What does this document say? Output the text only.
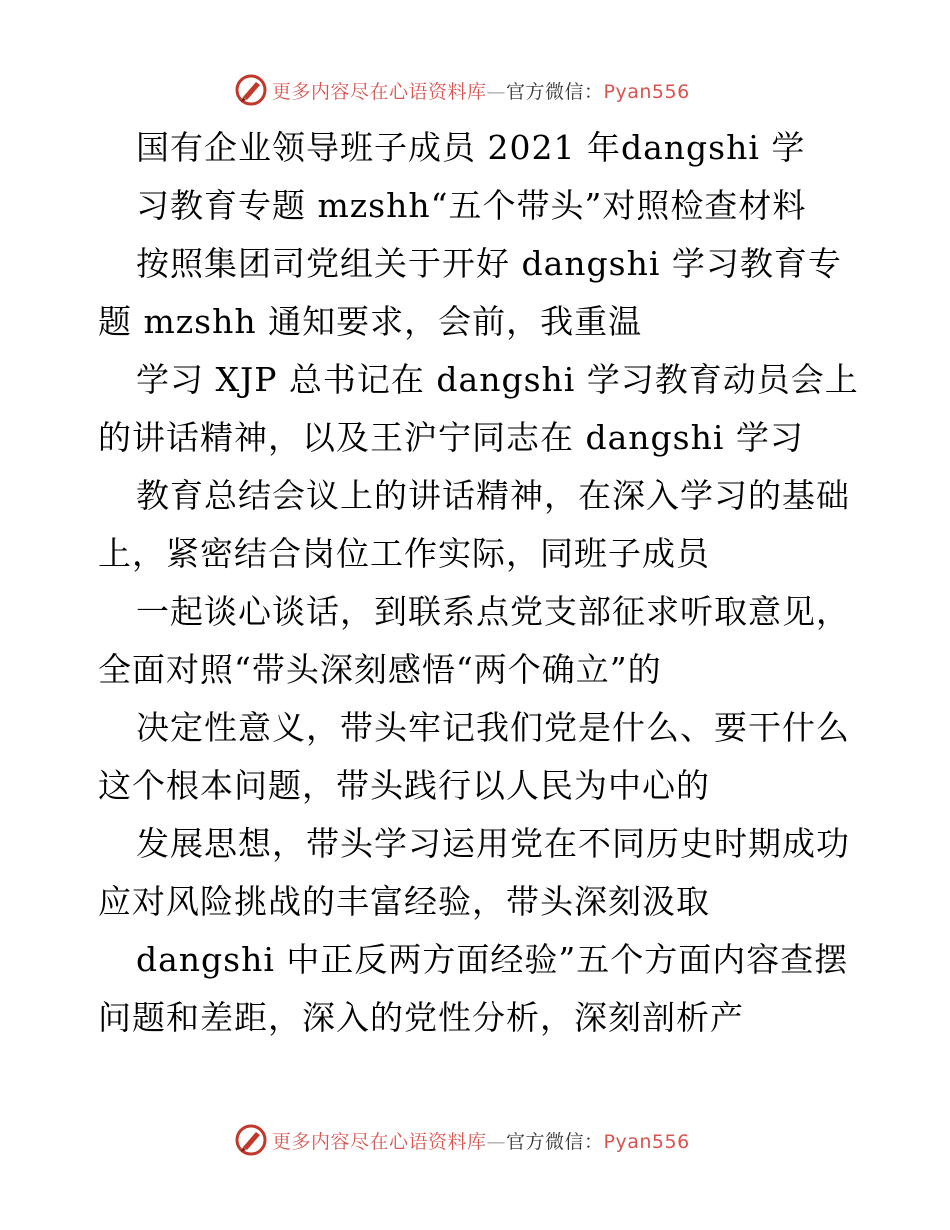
更多内容尽在心语资料库—官方微信：Pyan556
国有企业领导班子成员 2021 年dangshi 学
习教育专题 mzshh“五个带头”对照检查材料
按照集团司党组关于开好 dangshi 学习教育专
题 mzshh 通知要求，会前，我重温
学习 XJP 总书记在 dangshi 学习教育动员会上
的讲话精神，以及王沪宁同志在 dangshi 学习
教育总结会议上的讲话精神，在深入学习的基础
上，紧密结合岗位工作实际，同班子成员
一起谈心谈话，到联系点党支部征求听取意见，
全面对照“带头深刻感悟“两个确立”的
决定性意义，带头牢记我们党是什么、要干什么
这个根本问题，带头践行以人民为中心的
发展思想，带头学习运用党在不同历史时期成功
应对风险挑战的丰富经验，带头深刻汲取
dangshi 中正反两方面经验”五个方面内容查摆
问题和差距，深入的党性分析，深刻剖析产
更多内容尽在心语资料库—官方微信：Pyan556
